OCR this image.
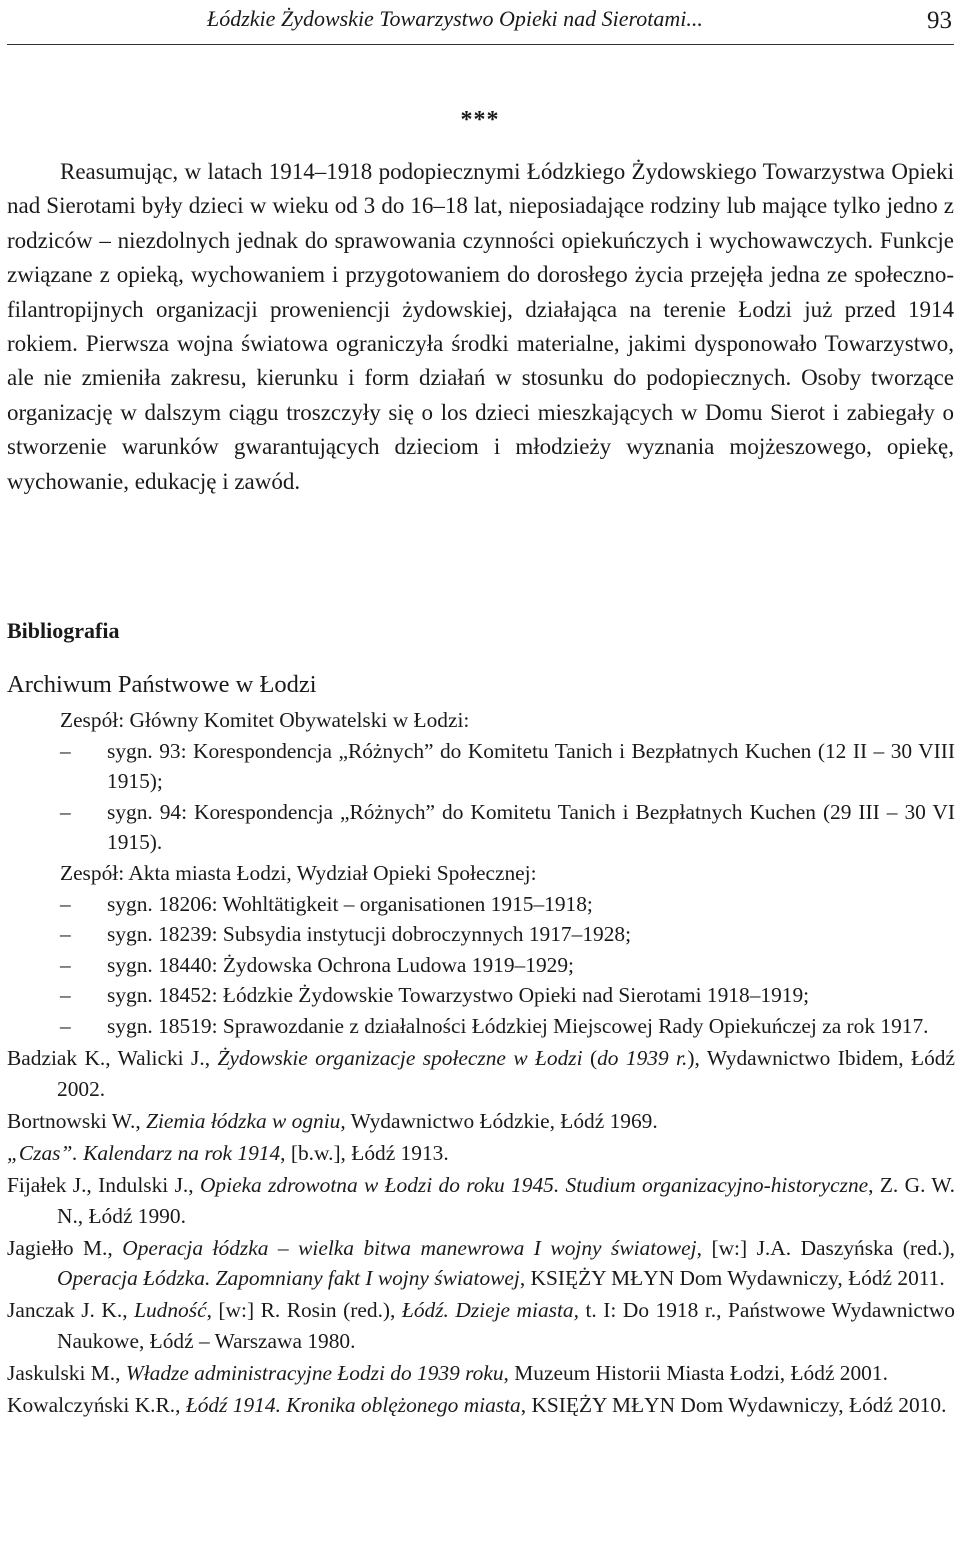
Łódzkie Żydowskie Towarzystwo Opieki nad Sierotami...	93
***

Reasumując, w latach 1914–1918 podopiecznymi Łódzkiego Żydowskiego Towarzystwa Opieki nad Sierotami były dzieci w wieku od 3 do 16–18 lat, nieposiadające rodziny lub mające tylko jedno z rodziców – niezdolnych jednak do sprawowania czynności opiekuńczych i wychowawczych. Funkcje związane z opieką, wychowaniem i przygotowaniem do dorosłego życia przejęła jedna ze społeczno-filantropijnych organizacji proweniencji żydowskiej, działająca na terenie Łodzi już przed 1914 rokiem. Pierwsza wojna światowa ograniczyła środki materialne, jakimi dysponowało Towarzystwo, ale nie zmieniła zakresu, kierunku i form działań w stosunku do podopiecznych. Osoby tworzące organizację w dalszym ciągu troszczyły się o los dzieci mieszkających w Domu Sierot i zabiegały o stworzenie warunków gwarantujących dzieciom i młodzieży wyznania mojżeszowego, opiekę, wychowanie, edukację i zawód.

Bibliografia
Archiwum Państwowe w Łodzi
Zespół: Główny Komitet Obywatelski w Łodzi:
– sygn. 93: Korespondencja „Różnych” do Komitetu Tanich i Bezpłatnych Kuchen (12 II – 30 VIII 1915);
– sygn. 94: Korespondencja „Różnych” do Komitetu Tanich i Bezpłatnych Kuchen (29 III – 30 VI 1915).
Zespół: Akta miasta Łodzi, Wydział Opieki Społecznej:
– sygn. 18206: Wohltätigkeit – organisationen 1915–1918;
– sygn. 18239: Subsydia instytucji dobroczynnych 1917–1928;
– sygn. 18440: Żydowska Ochrona Ludowa 1919–1929;
– sygn. 18452: Łódzkie Żydowskie Towarzystwo Opieki nad Sierotami 1918–1919;
– sygn. 18519: Sprawozdanie z działalności Łódzkiej Miejscowej Rady Opiekuńczej za rok 1917.
Badziak K., Walicki J., Żydowskie organizacje społeczne w Łodzi (do 1939 r.), Wydawnictwo Ibidem, Łódź 2002.
Bortnowski W., Ziemia łódzka w ogniu, Wydawnictwo Łódzkie, Łódź 1969.
„Czas”. Kalendarz na rok 1914, [b.w.], Łódź 1913.
Fijałek J., Indulski J., Opieka zdrowotna w Łodzi do roku 1945. Studium organizacyjno-historyczne, Z. G. W. N., Łódź 1990.
Jagiełło M., Operacja łódzka – wielka bitwa manewrowa I wojny światowej, [w:] J.A. Daszyńska (red.), Operacja Łódzka. Zapomniany fakt I wojny światowej, KSIĘŻY MŁYN Dom Wydawniczy, Łódź 2011.
Janczak J. K., Ludność, [w:] R. Rosin (red.), Łódź. Dzieje miasta, t. I: Do 1918 r., Państwowe Wydawnictwo Naukowe, Łódź – Warszawa 1980.
Jaskulski M., Władze administracyjne Łodzi do 1939 roku, Muzeum Historii Miasta Łodzi, Łódź 2001.
Kowalczyński K.R., Łódź 1914. Kronika oblężonego miasta, KSIĘŻY MŁYN Dom Wydawniczy, Łódź 2010.
